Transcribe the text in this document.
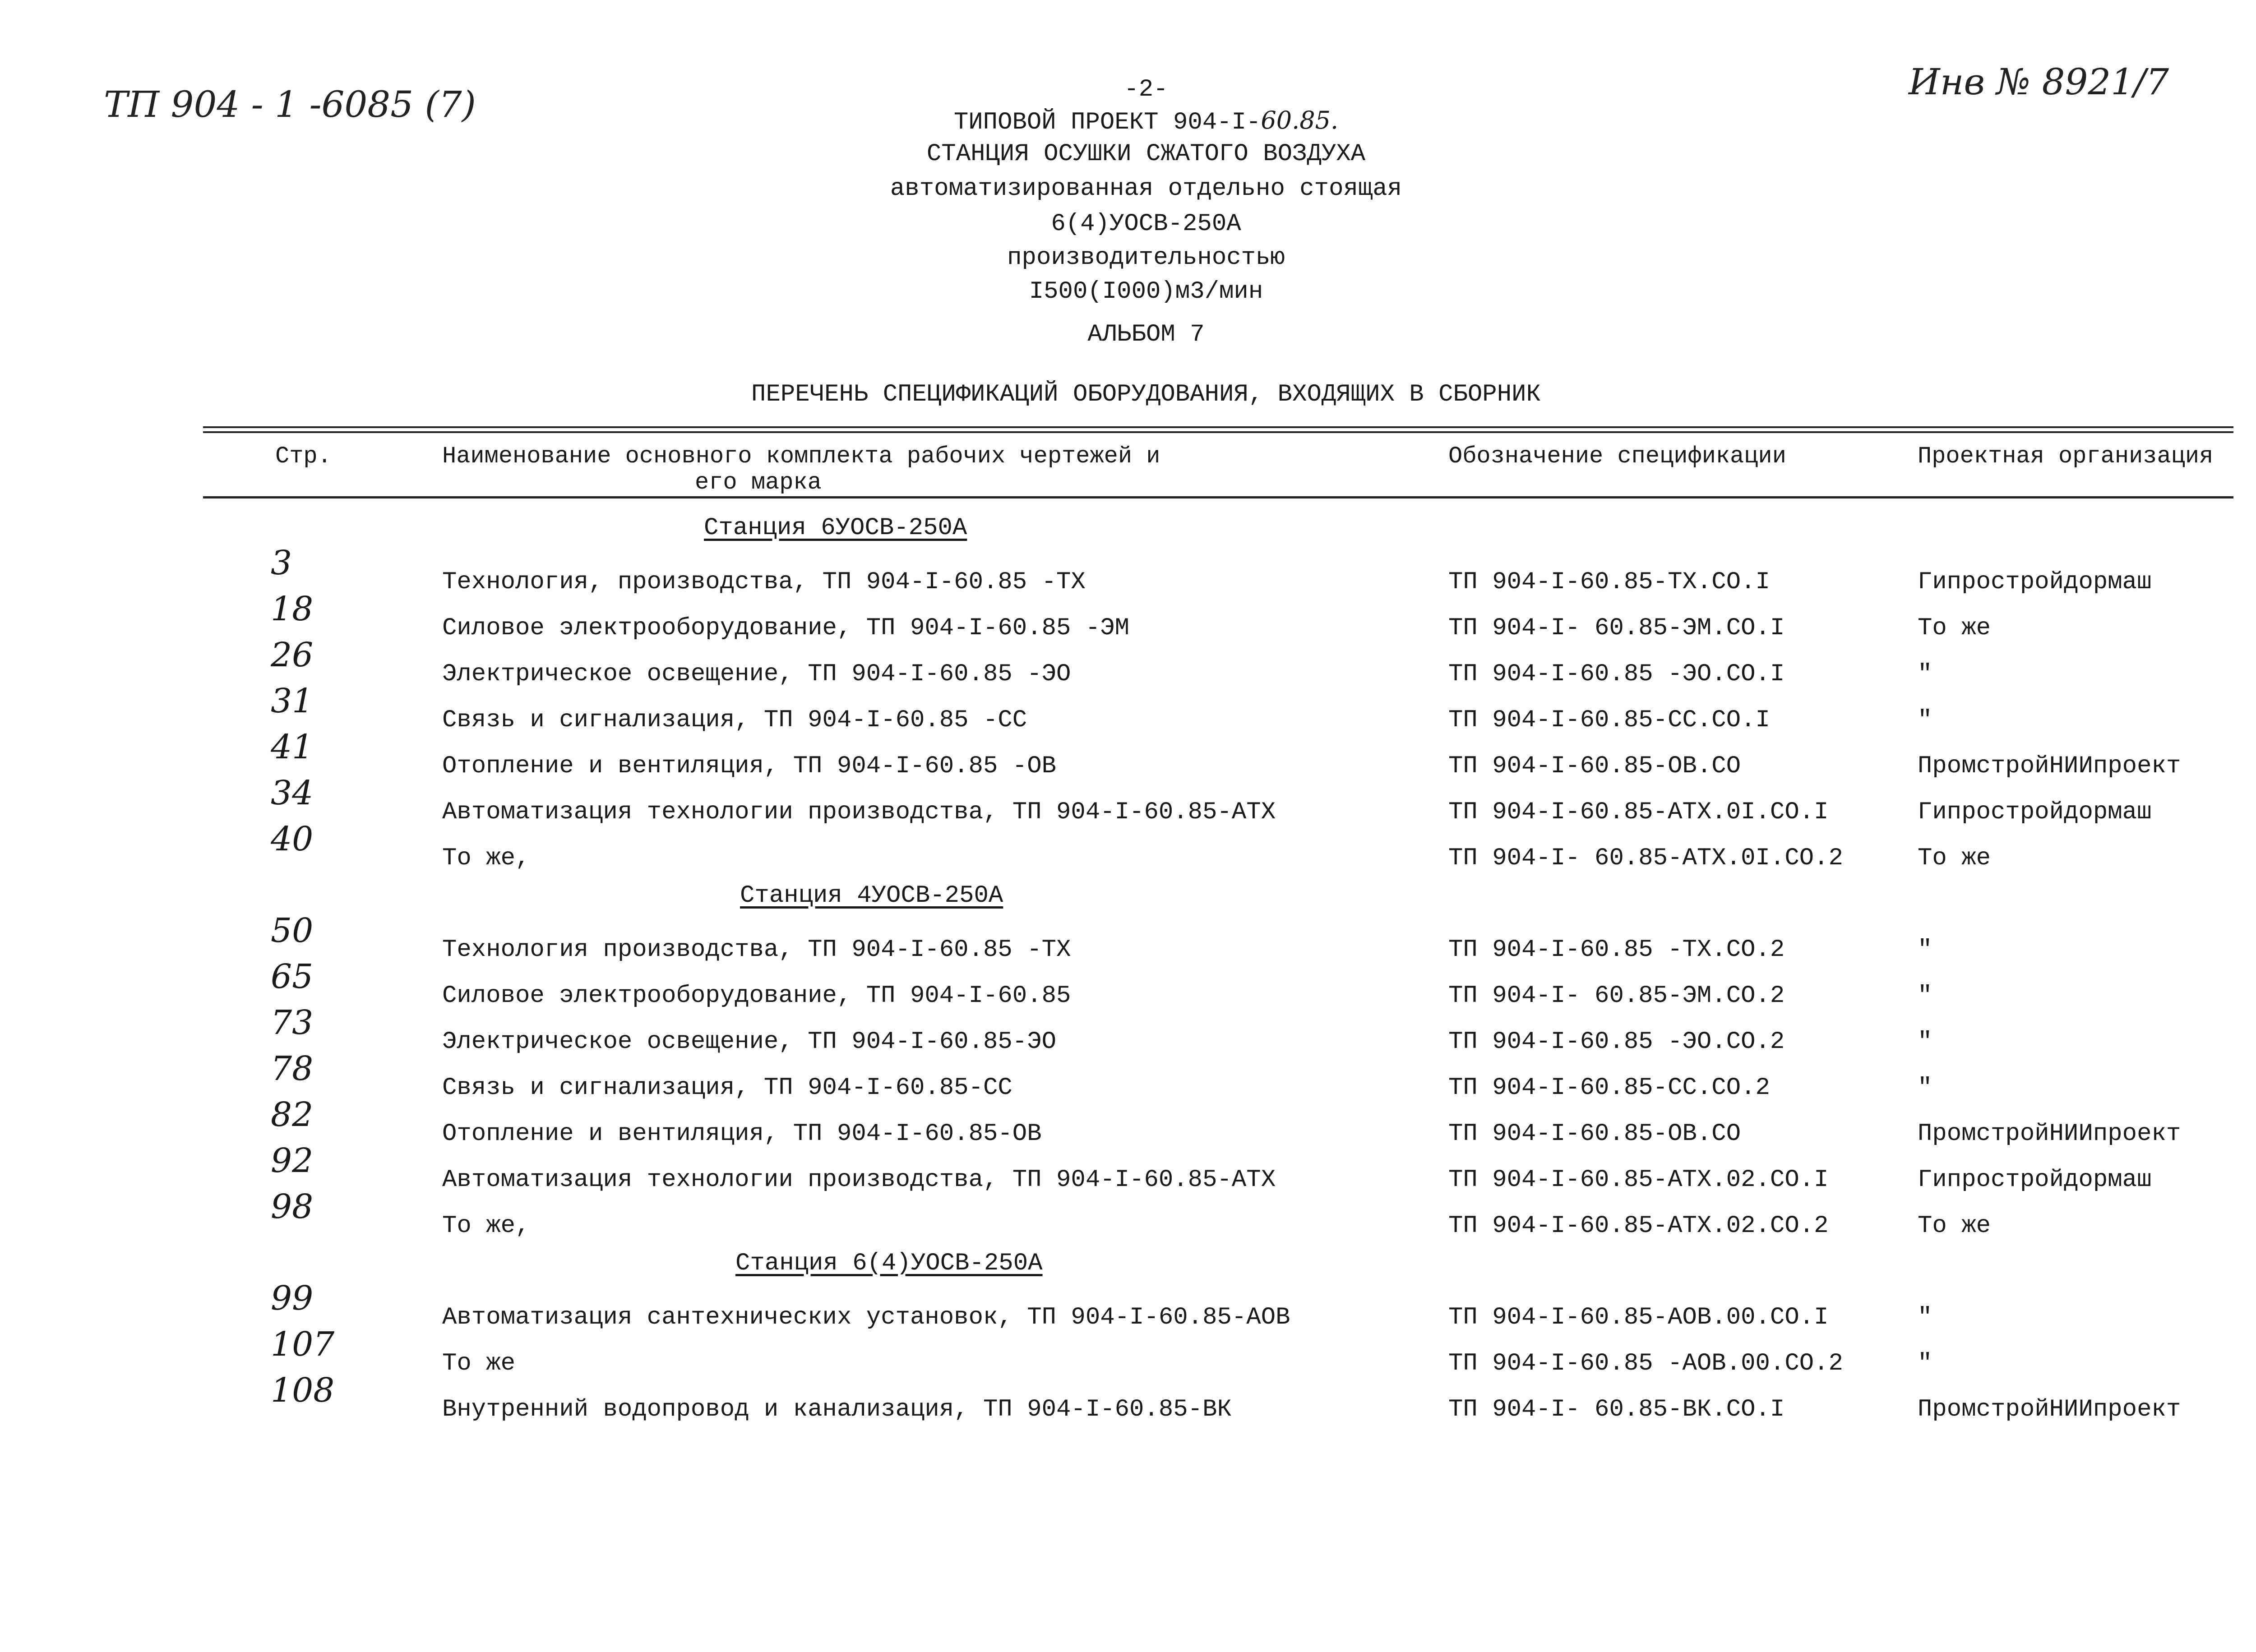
ТП 904 - 1 -6085 (7)
Инв № 8921/7
-2-
ТИПОВОЙ ПРОЕКТ 904-I-60.85.
СТАНЦИЯ ОСУШКИ СЖАТОГО ВОЗДУХА
автоматизированная отдельно стоящая
6(4)УОСВ-250А
производительностью
I500(I000)м3/мин
АЛЬБОМ 7
ПЕРЕЧЕНЬ СПЕЦИФИКАЦИЙ ОБОРУДОВАНИЯ, ВХОДЯЩИХ В СБОРНИК
Стр.	Наименование основного комплекта рабочих чертежей и
его марка
Обозначение спецификации	Проектная организация
Станция 6УОСВ-250А
3	Технология, производства, ТП 904-I-60.85 -ТХ	ТП 904-I-60.85-ТХ.СО.I	Гипростройдормаш
18	Силовое электрооборудование, ТП 904-I-60.85 -ЭМ	ТП 904-I- 60.85-ЭМ.СО.I	То же
26	Электрическое освещение, ТП 904-I-60.85 -ЭО	ТП 904-I-60.85 -ЭО.СО.I	"
31	Связь и сигнализация, ТП 904-I-60.85 -СС	ТП 904-I-60.85-СС.СО.I	"
41	Отопление и вентиляция, ТП 904-I-60.85 -ОВ	ТП 904-I-60.85-ОВ.СО	ПромстройНИИпроект
34	Автоматизация технологии производства, ТП 904-I-60.85-АТХ	ТП 904-I-60.85-АТХ.0I.СО.I	Гипростройдормаш
40	То же,	ТП 904-I- 60.85-АТХ.0I.СО.2	То же
Станция 4УОСВ-250А
50	Технология производства, ТП 904-I-60.85 -ТХ	ТП 904-I-60.85 -ТХ.СО.2	"
65	Силовое электрооборудование, ТП 904-I-60.85	ТП 904-I- 60.85-ЭМ.СО.2	"
73	Электрическое освещение, ТП 904-I-60.85-ЭО	ТП 904-I-60.85 -ЭО.СО.2	"
78	Связь и сигнализация, ТП 904-I-60.85-СС	ТП 904-I-60.85-СС.СО.2	"
82	Отопление и вентиляция, ТП 904-I-60.85-ОВ	ТП 904-I-60.85-ОВ.СО	ПромстройНИИпроект
92	Автоматизация технологии производства, ТП 904-I-60.85-АТХ	ТП 904-I-60.85-АТХ.02.СО.I	Гипростройдормаш
98	То же,	ТП 904-I-60.85-АТХ.02.СО.2	То же
Станция 6(4)УОСВ-250А
99	Автоматизация сантехнических установок, ТП 904-I-60.85-АОВ	ТП 904-I-60.85-АОВ.00.СО.I	"
107	То же	ТП 904-I-60.85 -АОВ.00.СО.2	"
108	Внутренний водопровод и канализация, ТП 904-I-60.85-ВК	ТП 904-I- 60.85-ВК.СО.I	ПромстройНИИпроект
